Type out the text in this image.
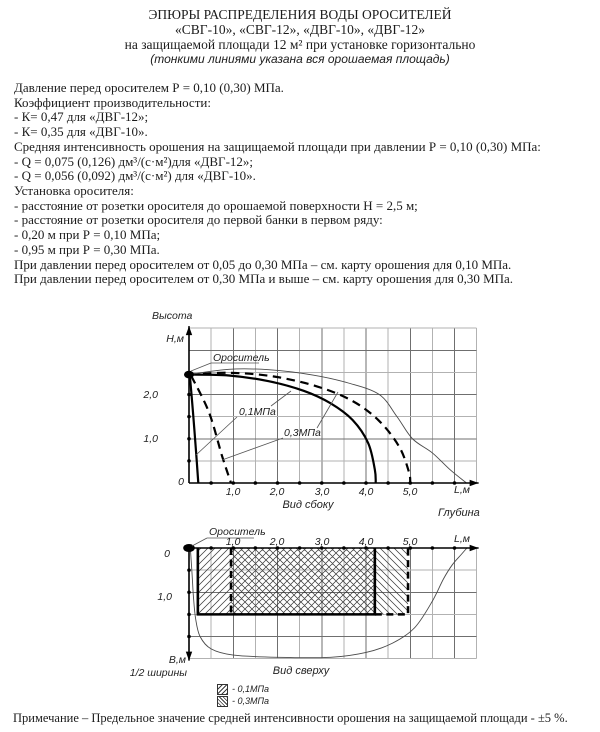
ЭПЮРЫ РАСПРЕДЕЛЕНИЯ ВОДЫ ОРОСИТЕЛЕЙ
«СВГ-10», «СВГ-12», «ДВГ-10», «ДВГ-12»
на защищаемой площади 12 м² при установке горизонтально
(тонкими линиями указана вся орошаемая площадь)
Давление перед оросителем Р = 0,10 (0,30) МПа.
Коэффициент производительности:
- К= 0,47 для «ДВГ-12»;
- К= 0,35 для «ДВГ-10».
Средняя интенсивность орошения на защищаемой площади при давлении Р = 0,10 (0,30) МПа:
- Q = 0,075 (0,126) дм³/(с·м²)для «ДВГ-12»;
- Q = 0,056 (0,092) дм³/(с·м²) для «ДВГ-10».
Установка оросителя:
- расстояние от розетки оросителя до орошаемой поверхности Н = 2,5 м;
- расстояние от розетки оросителя до первой банки в первом ряду:
- 0,20 м при Р = 0,10 МПа;
- 0,95 м при Р = 0,30 МПа.
При давлении перед оросителем от 0,05 до 0,30 МПа – см. карту орошения для 0,10 МПа.
При давлении перед оросителем от 0,30 МПа и выше – см. карту орошения для 0,30 МПа.
Высота
Н,м
Ороситель
2,0
1,0
0
1,0	2,0	3,0	4,0	5,0	L,м
0,1МПа
0,3МПа
Вид сбоку
Глубина
Ороситель
1,0	2,0	3,0	4,0	5,0	L,м
0
1,0
В,м
1/2 ширины	Вид сверху
- 0,1МПа
- 0,3МПа
Примечание – Предельное значение средней интенсивности орошения на защищаемой площади - ±5 %.
